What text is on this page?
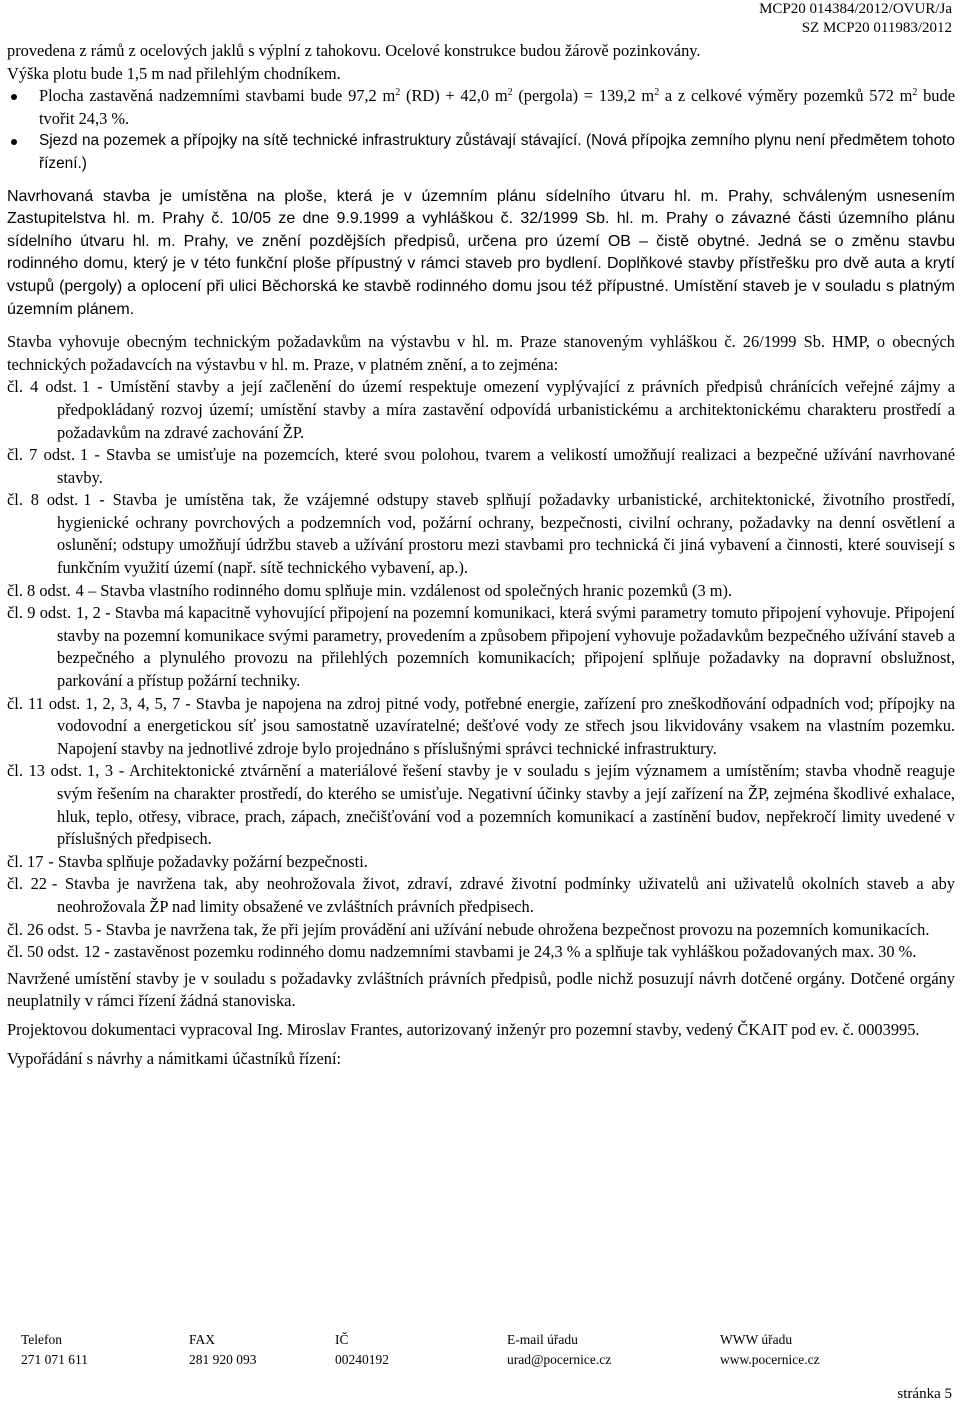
MCP20 014384/2012/OVUR/Ja
SZ MCP20 011983/2012

provedena z rámů z ocelových jaklů s výplní z tahokovu. Ocelové konstrukce budou žárově pozinkovány.
Výška plotu bude 1,5 m nad přilehlým chodníkem.

Plocha zastavěná nadzemními stavbami bude 97,2 $m^2$ (RD) + 42,0 $m^2$ (pergola) = 139,2 $m^2$ a z celkové výměry pozemků 572 $m^2$ bude tvořit 24,3 %.

Sjezd na pozemek a přípojky na sítě technické infrastruktury zůstávají stávající. (Nová přípojka zemního plynu není předmětem tohoto řízení.)

Navrhovaná stavba je umístěna na ploše, která je v územním plánu sídelního útvaru hl. m. Prahy, schváleným usnesením Zastupitelstva hl. m. Prahy č. 10/05 ze dne 9.9.1999 a vyhláškou č. 32/1999 Sb. hl. m. Prahy o závazné části územního plánu sídelního útvaru hl. m. Prahy, ve znění pozdějších předpisů, určena pro území OB – čistě obytné. Jedná se o změnu stavbu rodinného domu, který je v této funkční ploše přípustný v rámci staveb pro bydlení. Doplňkové stavby přístřešku pro dvě auta a krytí vstupů (pergoly) a oplocení při ulici Běchorská ke stavbě rodinného domu jsou též přípustné. Umístění staveb je v souladu s platným územním plánem.

Stavba vyhovuje obecným technickým požadavkům na výstavbu v hl. m. Praze stanoveným vyhláškou č. 26/1999 Sb. HMP, o obecných technických požadavcích na výstavbu v hl. m. Praze, v platném znění, a to zejména:

čl. 4 odst. 1 - Umístění stavby a její začlenění do území respektuje omezení vyplývající z právních předpisů chránících veřejné zájmy a předpokládaný rozvoj území; umístění stavby a míra zastavění odpovídá urbanistickému a architektonickému charakteru prostředí a požadavkům na zdravé zachování ŽP.

čl. 7 odst. 1 - Stavba se umisťuje na pozemcích, které svou polohou, tvarem a velikostí umožňují realizaci a bezpečné užívání navrhované stavby.

čl. 8 odst. 1 - Stavba je umístěna tak, že vzájemné odstupy staveb splňují požadavky urbanistické, architektonické, životního prostředí, hygienické ochrany povrchových a podzemních vod, požární ochrany, bezpečnosti, civilní ochrany, požadavky na denní osvětlení a oslunění; odstupy umožňují údržbu staveb a užívání prostoru mezi stavbami pro technická či jiná vybavení a činnosti, které souvisejí s funkčním využití území (např. sítě technického vybavení, ap.).

čl. 8 odst. 4 – Stavba vlastního rodinného domu splňuje min. vzdálenost od společných hranic pozemků (3 m).

čl. 9 odst. 1, 2 - Stavba má kapacitně vyhovující připojení na pozemní komunikaci, která svými parametry tomuto připojení vyhovuje. Připojení stavby na pozemní komunikace svými parametry, provedením a způsobem připojení vyhovuje požadavkům bezpečného užívání staveb a bezpečného a plynulého provozu na přilehlých pozemních komunikacích; připojení splňuje požadavky na dopravní obslužnost, parkování a přístup požární techniky.

čl. 11 odst. 1, 2, 3, 4, 5, 7 - Stavba je napojena na zdroj pitné vody, potřebné energie, zařízení pro zneškodňování odpadních vod; přípojky na vodovodní a energetickou síť jsou samostatně uzavíratelné; dešťové vody ze střech jsou likvidovány vsakem na vlastním pozemku. Napojení stavby na jednotlivé zdroje bylo projednáno s příslušnými správci technické infrastruktury.

čl. 13 odst. 1, 3 - Architektonické ztvárnění a materiálové řešení stavby je v souladu s jejím významem a umístěním; stavba vhodně reaguje svým řešením na charakter prostředí, do kterého se umisťuje. Negativní účinky stavby a její zařízení na ŽP, zejména škodlivé exhalace, hluk, teplo, otřesy, vibrace, prach, zápach, znečišťování vod a pozemních komunikací a zastínění budov, nepřekročí limity uvedené v příslušných předpisech.

čl. 17 - Stavba splňuje požadavky požární bezpečnosti.

čl. 22 - Stavba je navržena tak, aby neohrožovala život, zdraví, zdravé životní podmínky uživatelů ani uživatelů okolních staveb a aby neohrožovala ŽP nad limity obsažené ve zvláštních právních předpisech.

čl. 26 odst. 5 - Stavba je navržena tak, že při jejím provádění ani užívání nebude ohrožena bezpečnost provozu na pozemních komunikacích.

čl. 50 odst. 12 - zastavěnost pozemku rodinného domu nadzemními stavbami je 24,3 % a splňuje tak vyhláškou požadovaných max. 30 %.

Navržené umístění stavby je v souladu s požadavky zvláštních právních předpisů, podle nichž posuzují návrh dotčené orgány. Dotčené orgány neuplatnily v rámci řízení žádná stanoviska.

Projektovou dokumentaci vypracoval Ing. Miroslav Frantes, autorizovaný inženýr pro pozemní stavby, vedený ČKAIT pod ev. č. 0003995.

Vypořádání s návrhy a námitkami účastníků řízení:

Telefon
271 071 611
FAX
281 920 093
IČ
00240192
E-mail úřadu
urad@pocernice.cz
WWW úřadu
www.pocernice.cz
stránka 5
